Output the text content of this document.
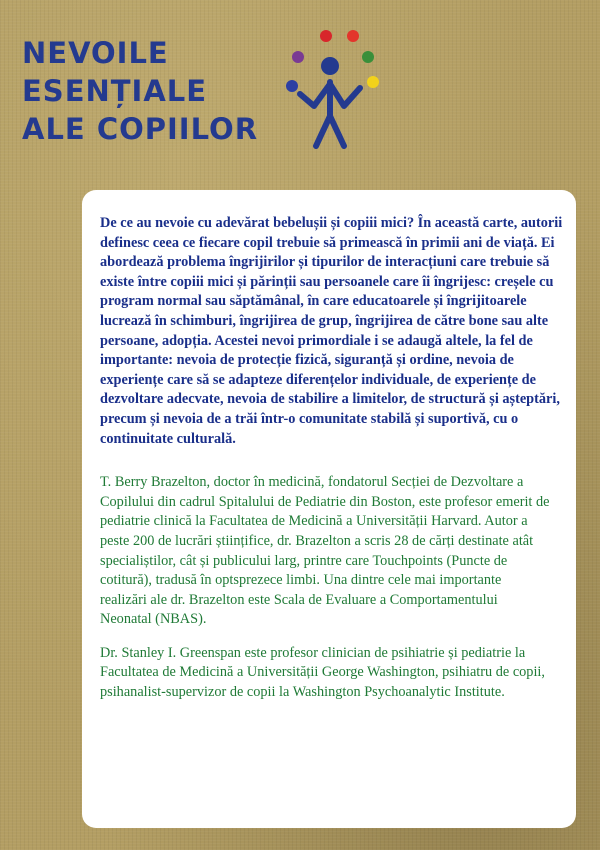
NEVOILE
ESENȚIALE
ALE COPIILOR

De ce au nevoie cu adevărat bebelușii și copiii mici? În această carte, autorii definesc ceea ce fiecare copil trebuie să primească în primii ani de viață. Ei abordează problema îngrijirilor și tipurilor de interacțiuni care trebuie să existe între copiii mici și părinții sau persoanele care îi îngrijesc: creșele cu program normal sau săptămânal, în care educatoarele și îngrijitoarele lucrează în schimburi, îngrijirea de grup, îngrijirea de către bone sau alte persoane, adopția. Acestei nevoi primordiale i se adaugă altele, la fel de importante: nevoia de protecție fizică, siguranță și ordine, nevoia de experiențe care să se adapteze diferențelor individuale, de experiențe de dezvoltare adecvate, nevoia de stabilire a limitelor, de structură și așteptări, precum și nevoia de a trăi într-o comunitate stabilă și suportivă, cu o continuitate culturală.

T. Berry Brazelton, doctor în medicină, fondatorul Secției de Dezvoltare a Copilului din cadrul Spitalului de Pediatrie din Boston, este profesor emerit de pediatrie clinică la Facultatea de Medicină a Universității Harvard. Autor a peste 200 de lucrări științifice, dr. Brazelton a scris 28 de cărți destinate atât specialiștilor, cât și publicului larg, printre care Touchpoints (Puncte de cotitură), tradusă în optsprezece limbi. Una dintre cele mai importante realizări ale dr. Brazelton este Scala de Evaluare a Comportamentului Neonatal (NBAS).

Dr. Stanley I. Greenspan este profesor clinician de psihiatrie și pediatrie la Facultatea de Medicină a Universității George Washington, psihiatru de copii, psihanalist-supervizor de copii la Washington Psychoanalytic Institute.
